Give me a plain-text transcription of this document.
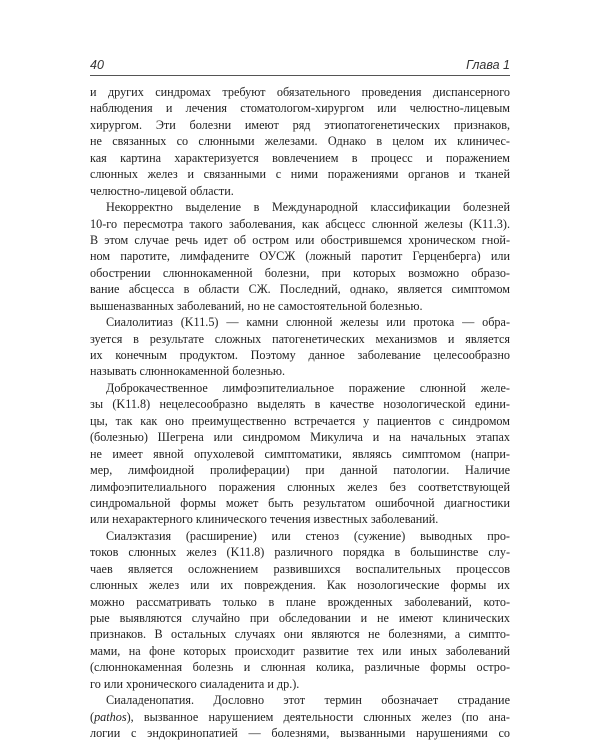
40	Глава 1
и других синдромах требуют обязательного проведения диспансерного
наблюдения и лечения стоматологом-хирургом или челюстно-лицевым
хирургом. Эти болезни имеют ряд этиопатогенетических признаков,
не связанных со слюнными железами. Однако в целом их клиничес-
кая картина характеризуется вовлечением в процесс и поражением
слюнных желез и связанными с ними поражениями органов и тканей
челюстно-лицевой области.
Некорректно выделение в Международной классификации болезней
10-го пересмотра такого заболевания, как абсцесс слюнной железы (K11.3).
В этом случае речь идет об остром или обострившемся хроническом гной-
ном паротите, лимфадените ОУСЖ (ложный паротит Герценберга) или
обострении слюннокаменной болезни, при которых возможно образо-
вание абсцесса в области СЖ. Последний, однако, является симптомом
вышеназванных заболеваний, но не самостоятельной болезнью.
Сиалолитиаз (K11.5) — камни слюнной железы или протока — обра-
зуется в результате сложных патогенетических механизмов и является
их конечным продуктом. Поэтому данное заболевание целесообразно
называть слюннокаменной болезнью.
Доброкачественное лимфоэпителиальное поражение слюнной желе-
зы (K11.8) нецелесообразно выделять в качестве нозологической едини-
цы, так как оно преимущественно встречается у пациентов с синдромом
(болезнью) Шегрена или синдромом Микулича и на начальных этапах
не имеет явной опухолевой симптоматики, являясь симптомом (напри-
мер, лимфоидной пролиферации) при данной патологии. Наличие
лимфоэпителиального поражения слюнных желез без соответствующей
синдромальной формы может быть результатом ошибочной диагностики
или нехарактерного клинического течения известных заболеваний.
Сиалэктазия (расширение) или стеноз (сужение) выводных про-
токов слюнных желез (K11.8) различного порядка в большинстве слу-
чаев является осложнением развившихся воспалительных процессов
слюнных желез или их повреждения. Как нозологические формы их
можно рассматривать только в плане врожденных заболеваний, кото-
рые выявляются случайно при обследовании и не имеют клинических
признаков. В остальных случаях они являются не болезнями, а симпто-
мами, на фоне которых происходит развитие тех или иных заболеваний
(слюннокаменная болезнь и слюнная колика, различные формы остро-
го или хронического сиаладенита и др.).
Сиаладенопатия. Дословно этот термин обозначает страдание
(pathos), вызванное нарушением деятельности слюнных желез (по ана-
логии с эндокринопатией — болезнями, вызванными нарушениями со
